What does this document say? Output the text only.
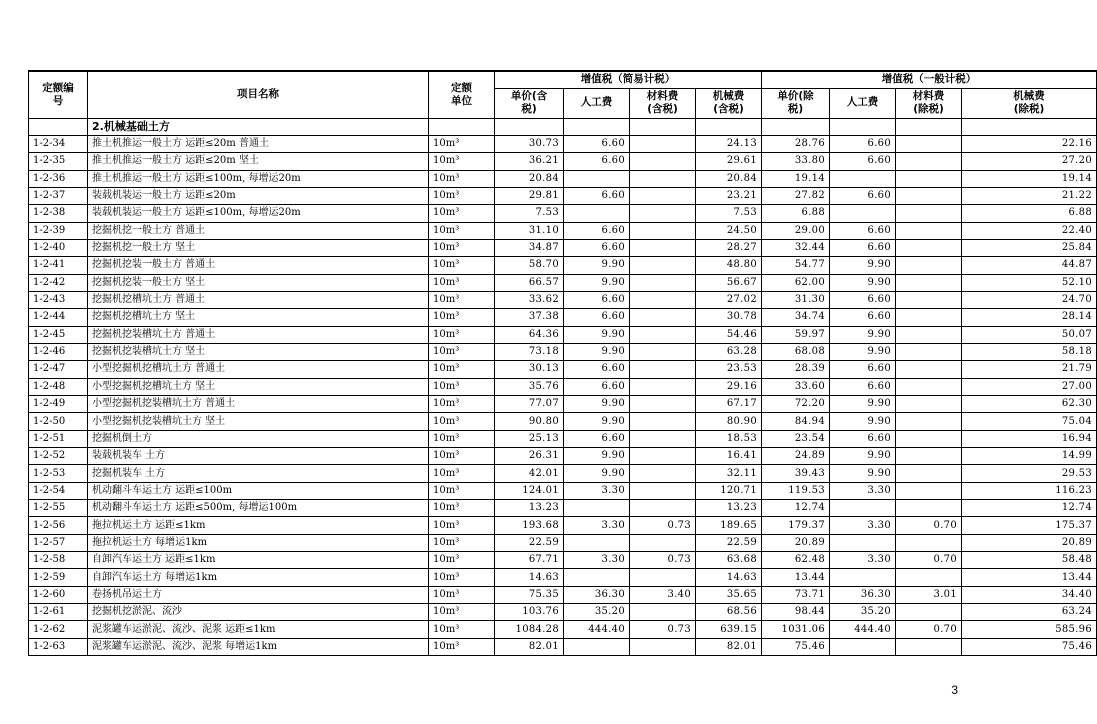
定额编号	项目名称	定额单位	增值税（简易计税）				增值税（一般计税）			
			单价(含税)	人工费	材料费(含税)	机械费(含税)	单价(除税)	人工费	材料费(除税)	机械费(除税)
	2.机械基础土方									
1-2-34	推土机推运一般土方 运距≤20m 普通土	10m³	30.73	6.60		24.13	28.76	6.60		22.16
1-2-35	推土机推运一般土方 运距≤20m 坚土	10m³	36.21	6.60		29.61	33.80	6.60		27.20
1-2-36	推土机推运一般土方 运距≤100m, 每增运20m	10m³	20.84			20.84	19.14			19.14
1-2-37	装载机装运一般土方 运距≤20m	10m³	29.81	6.60		23.21	27.82	6.60		21.22
1-2-38	装载机装运一般土方 运距≤100m, 每增运20m	10m³	7.53			7.53	6.88			6.88
1-2-39	挖掘机挖一般土方 普通土	10m³	31.10	6.60		24.50	29.00	6.60		22.40
1-2-40	挖掘机挖一般土方 坚土	10m³	34.87	6.60		28.27	32.44	6.60		25.84
1-2-41	挖掘机挖装一般土方 普通土	10m³	58.70	9.90		48.80	54.77	9.90		44.87
1-2-42	挖掘机挖装一般土方 坚土	10m³	66.57	9.90		56.67	62.00	9.90		52.10
1-2-43	挖掘机挖槽坑土方 普通土	10m³	33.62	6.60		27.02	31.30	6.60		24.70
1-2-44	挖掘机挖槽坑土方 坚土	10m³	37.38	6.60		30.78	34.74	6.60		28.14
1-2-45	挖掘机挖装槽坑土方 普通土	10m³	64.36	9.90		54.46	59.97	9.90		50.07
1-2-46	挖掘机挖装槽坑土方 坚土	10m³	73.18	9.90		63.28	68.08	9.90		58.18
1-2-47	小型挖掘机挖槽坑土方 普通土	10m³	30.13	6.60		23.53	28.39	6.60		21.79
1-2-48	小型挖掘机挖槽坑土方 坚土	10m³	35.76	6.60		29.16	33.60	6.60		27.00
1-2-49	小型挖掘机挖装槽坑土方 普通土	10m³	77.07	9.90		67.17	72.20	9.90		62.30
1-2-50	小型挖掘机挖装槽坑土方 坚土	10m³	90.80	9.90		80.90	84.94	9.90		75.04
1-2-51	挖掘机倒土方	10m³	25.13	6.60		18.53	23.54	6.60		16.94
1-2-52	装载机装车 土方	10m³	26.31	9.90		16.41	24.89	9.90		14.99
1-2-53	挖掘机装车 土方	10m³	42.01	9.90		32.11	39.43	9.90		29.53
1-2-54	机动翻斗车运土方 运距≤100m	10m³	124.01	3.30		120.71	119.53	3.30		116.23
1-2-55	机动翻斗车运土方 运距≤500m, 每增运100m	10m³	13.23			13.23	12.74			12.74
1-2-56	拖拉机运土方 运距≤1km	10m³	193.68	3.30	0.73	189.65	179.37	3.30	0.70	175.37
1-2-57	拖拉机运土方 每增运1km	10m³	22.59			22.59	20.89			20.89
1-2-58	自卸汽车运土方 运距≤1km	10m³	67.71	3.30	0.73	63.68	62.48	3.30	0.70	58.48
1-2-59	自卸汽车运土方 每增运1km	10m³	14.63			14.63	13.44			13.44
1-2-60	卷扬机吊运土方	10m³	75.35	36.30	3.40	35.65	73.71	36.30	3.01	34.40
1-2-61	挖掘机挖淤泥、流沙	10m³	103.76	35.20		68.56	98.44	35.20		63.24
1-2-62	泥浆罐车运淤泥、流沙、泥浆 运距≤1km	10m³	1084.28	444.40	0.73	639.15	1031.06	444.40	0.70	585.96
1-2-63	泥浆罐车运淤泥、流沙、泥浆 每增运1km	10m³	82.01			82.01	75.46			75.46
3
